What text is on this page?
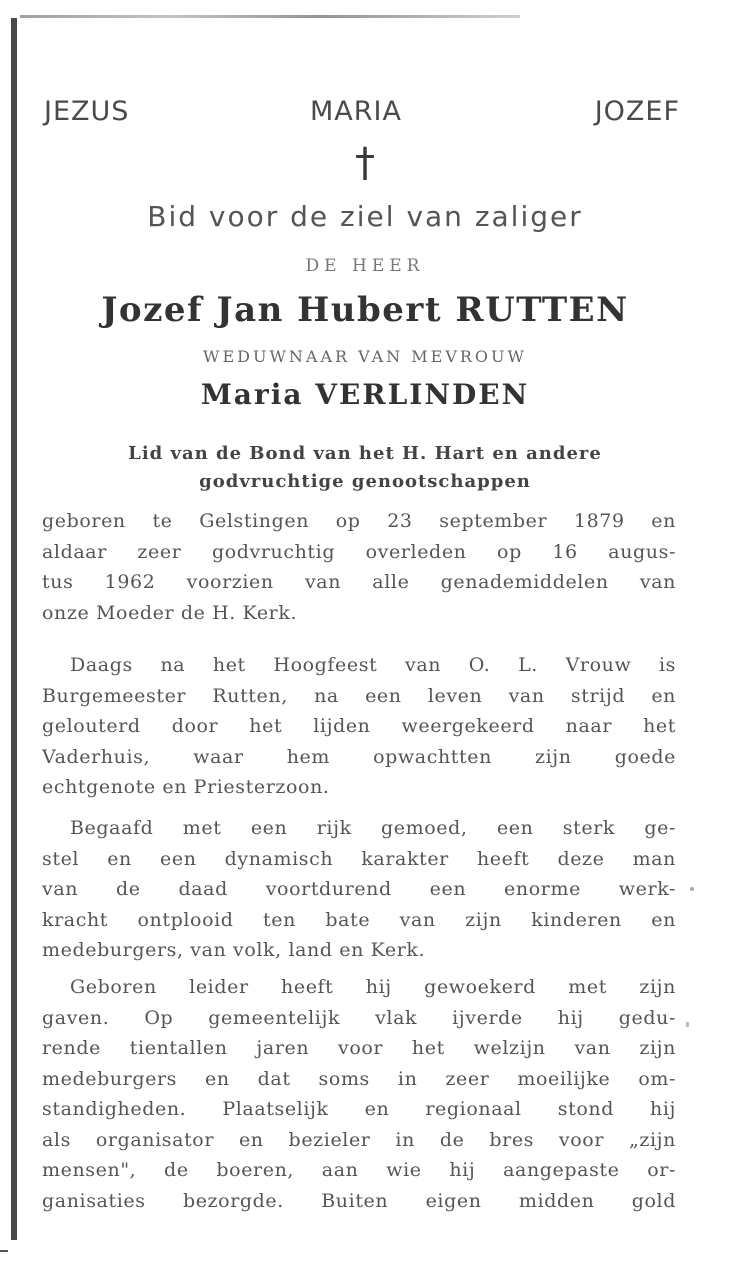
JEZUS	MARIA	JOZEF
†
Bid voor de ziel van zaliger
DE HEER
Jozef Jan Hubert RUTTEN
WEDUWNAAR VAN MEVROUW
Maria VERLINDEN
Lid van de Bond van het H. Hart en andere
godvruchtige genootschappen
geboren te Gelstingen op 23 september 1879 en
aldaar zeer godvruchtig overleden op 16 augus-
tus 1962 voorzien van alle genademiddelen van
onze Moeder de H. Kerk.
Daags na het Hoogfeest van O. L. Vrouw is
Burgemeester Rutten, na een leven van strijd en
gelouterd door het lijden weergekeerd naar het
Vaderhuis, waar hem opwachtten zijn goede
echtgenote en Priesterzoon.
Begaafd met een rijk gemoed, een sterk ge-
stel en een dynamisch karakter heeft deze man
van de daad voortdurend een enorme werk-
kracht ontplooid ten bate van zijn kinderen en
medeburgers, van volk, land en Kerk.
Geboren leider heeft hij gewoekerd met zijn
gaven. Op gemeentelijk vlak ijverde hij gedu-
rende tientallen jaren voor het welzijn van zijn
medeburgers en dat soms in zeer moeilijke om-
standigheden. Plaatselijk en regionaal stond hij
als organisator en bezieler in de bres voor „zijn
mensen", de boeren, aan wie hij aangepaste or-
ganisaties bezorgde. Buiten eigen midden gold
